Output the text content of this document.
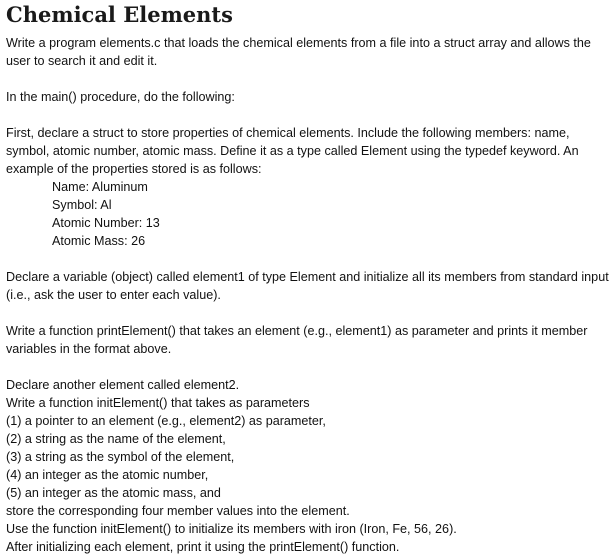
Chemical Elements

Write a program elements.c that loads the chemical elements from a file into a struct array and allows the user to search it and edit it.

In the main() procedure, do the following:

First, declare a struct to store properties of chemical elements. Include the following members: name, symbol, atomic number, atomic mass. Define it as a type called Element using the typedef keyword. An example of the properties stored is as follows:

Name: Aluminum

Symbol: Al

Atomic Number: 13

Atomic Mass: 26

Declare a variable (object) called element1 of type Element and initialize all its members from standard input (i.e., ask the user to enter each value).

Write a function printElement() that takes an element (e.g., element1) as parameter and prints it member variables in the format above.

Declare another element called element2.

Write a function initElement() that takes as parameters

(1) a pointer to an element (e.g., element2) as parameter,

(2) a string as the name of the element,

(3) a string as the symbol of the element,

(4) an integer as the atomic number,

(5) an integer as the atomic mass, and

store the corresponding four member values into the element.

Use the function initElement() to initialize its members with iron (Iron, Fe, 56, 26).

After initializing each element, print it using the printElement() function.
